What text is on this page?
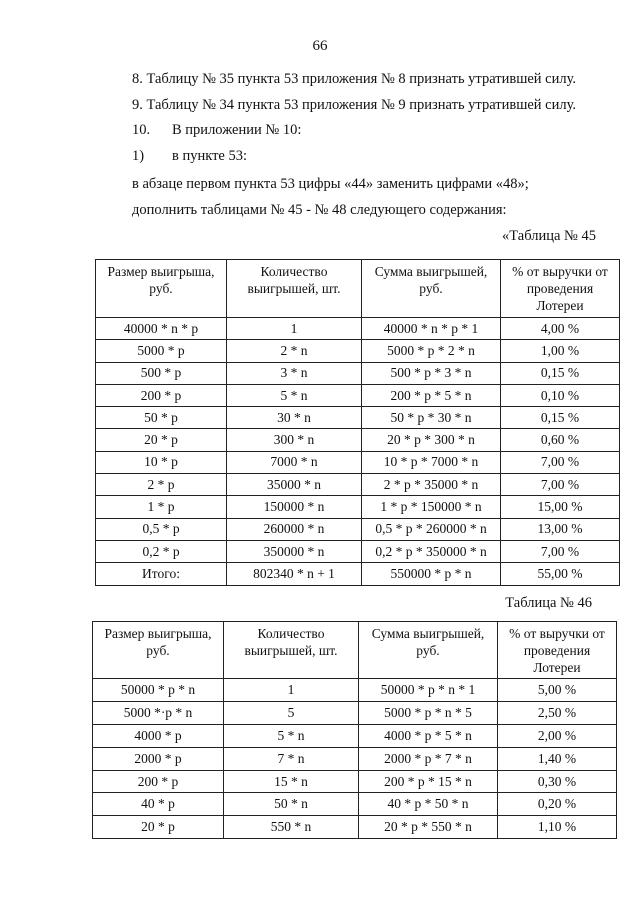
66
8. Таблицу № 35 пункта 53 приложения № 8 признать утратившей силу.
9. Таблицу № 34 пункта 53 приложения № 9 признать утратившей силу.
10. В приложении № 10:
1) в пункте 53:
в абзаце первом пункта 53 цифры «44» заменить цифрами «48»;
дополнить таблицами № 45 - № 48 следующего содержания:
«Таблица № 45
Размер выигрыша, руб.	Количество выигрышей, шт.	Сумма выигрышей, руб.	% от выручки от проведения Лотереи
40000 * n * p	1	40000 * n * p * 1	4,00 %
5000 * p	2 * n	5000 * p * 2 * n	1,00 %
500 * p	3 * n	500 * p * 3 * n	0,15 %
200 * p	5 * n	200 * p * 5 * n	0,10 %
50 * p	30 * n	50 * p * 30 * n	0,15 %
20 * p	300 * n	20 * p * 300 * n	0,60 %
10 * p	7000 * n	10 * p * 7000 * n	7,00 %
2 * p	35000 * n	2 * p * 35000 * n	7,00 %
1 * p	150000 * n	1 * p * 150000 * n	15,00 %
0,5 * p	260000 * n	0,5 * p * 260000 * n	13,00 %
0,2 * p	350000 * n	0,2 * p * 350000 * n	7,00 %
Итого:	802340 * n + 1	550000 * p * n	55,00 %
Таблица № 46
Размер выигрыша, руб.	Количество выигрышей, шт.	Сумма выигрышей, руб.	% от выручки от проведения Лотереи
50000 * p * n	1	50000 * p * n * 1	5,00 %
5000 *·p * n	5	5000 * p * n * 5	2,50 %
4000 * p	5 * n	4000 * p * 5 * n	2,00 %
2000 * p	7 * n	2000 * p * 7 * n	1,40 %
200 * p	15 * n	200 * p * 15 * n	0,30 %
40 * p	50 * n	40 * p * 50 * n	0,20 %
20 * p	550 * n	20 * p * 550 * n	1,10 %
